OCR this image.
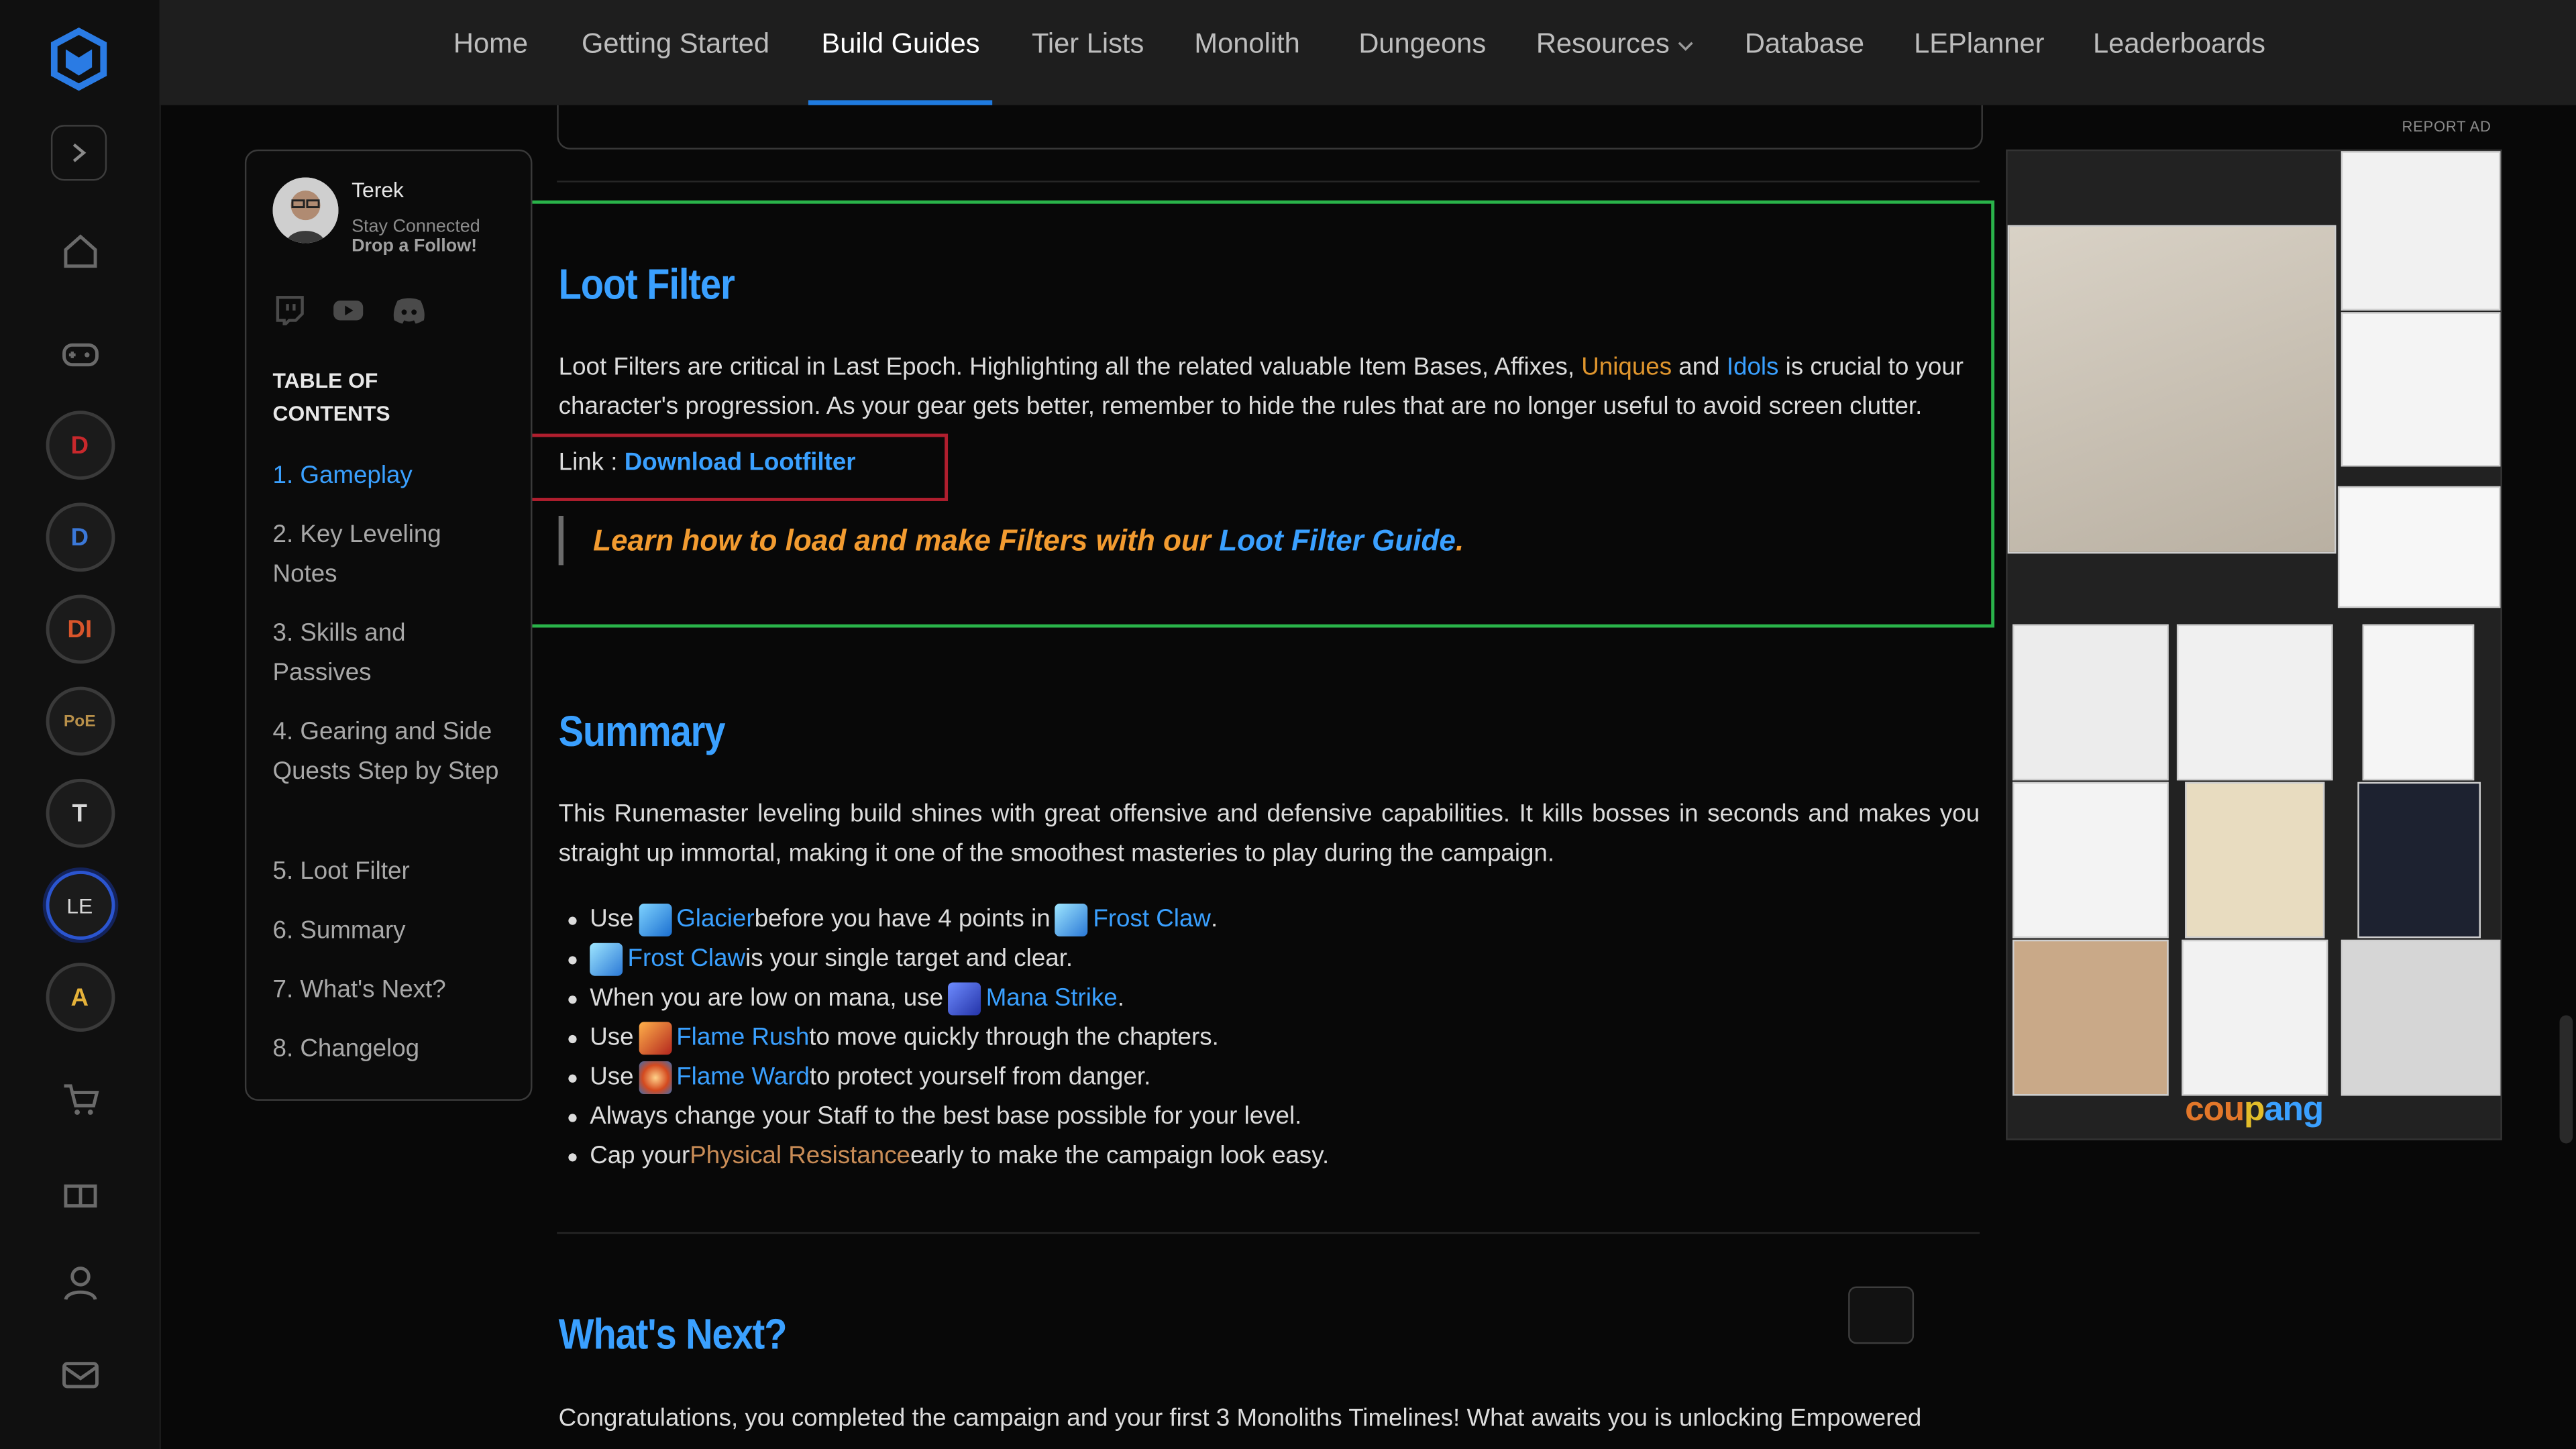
D
D
DI
PoE
T
LE
A
Home	Getting Started	Build Guides	Tier Lists	Monolith	Dungeons	Resources	Database	LEPlanner	Leaderboards
Loot Filter

Loot Filters are critical in Last Epoch. Highlighting all the related valuable Item Bases, Affixes, Uniques and Idols is crucial to your character's progression. As your gear gets better, remember to hide the rules that are no longer useful to avoid screen clutter.

Link : Download Lootfilter
Learn how to load and make Filters with our Loot Filter Guide.
Summary

This Runemaster leveling build shines with great offensive and defensive capabilities. It kills bosses in seconds and makes you straight up immortal, making it one of the smoothest masteries to play during the campaign.

Use	Glacier before you have 4 points in	Frost Claw .
Frost Claw is your single target and clear.
When you are low on mana, use	Mana Strike .
Use	Flame Rush to move quickly through the chapters.
Use	Flame Ward to protect yourself from danger.
Always change your Staff to the best base possible for your level.
Cap your Physical Resistance early to make the campaign look easy.
What's Next?

Congratulations, you completed the campaign and your first 3 Monoliths Timelines! What awaits you is unlocking Empowered

Terek
Stay Connected
Drop a Follow!
TABLE OF CONTENTS
1. Gameplay
2. Key Leveling Notes
3. Skills and Passives
4. Gearing and Side Quests Step by Step
5. Loot Filter
6. Summary
7. What's Next?
8. Changelog
REPORT AD
coupang
